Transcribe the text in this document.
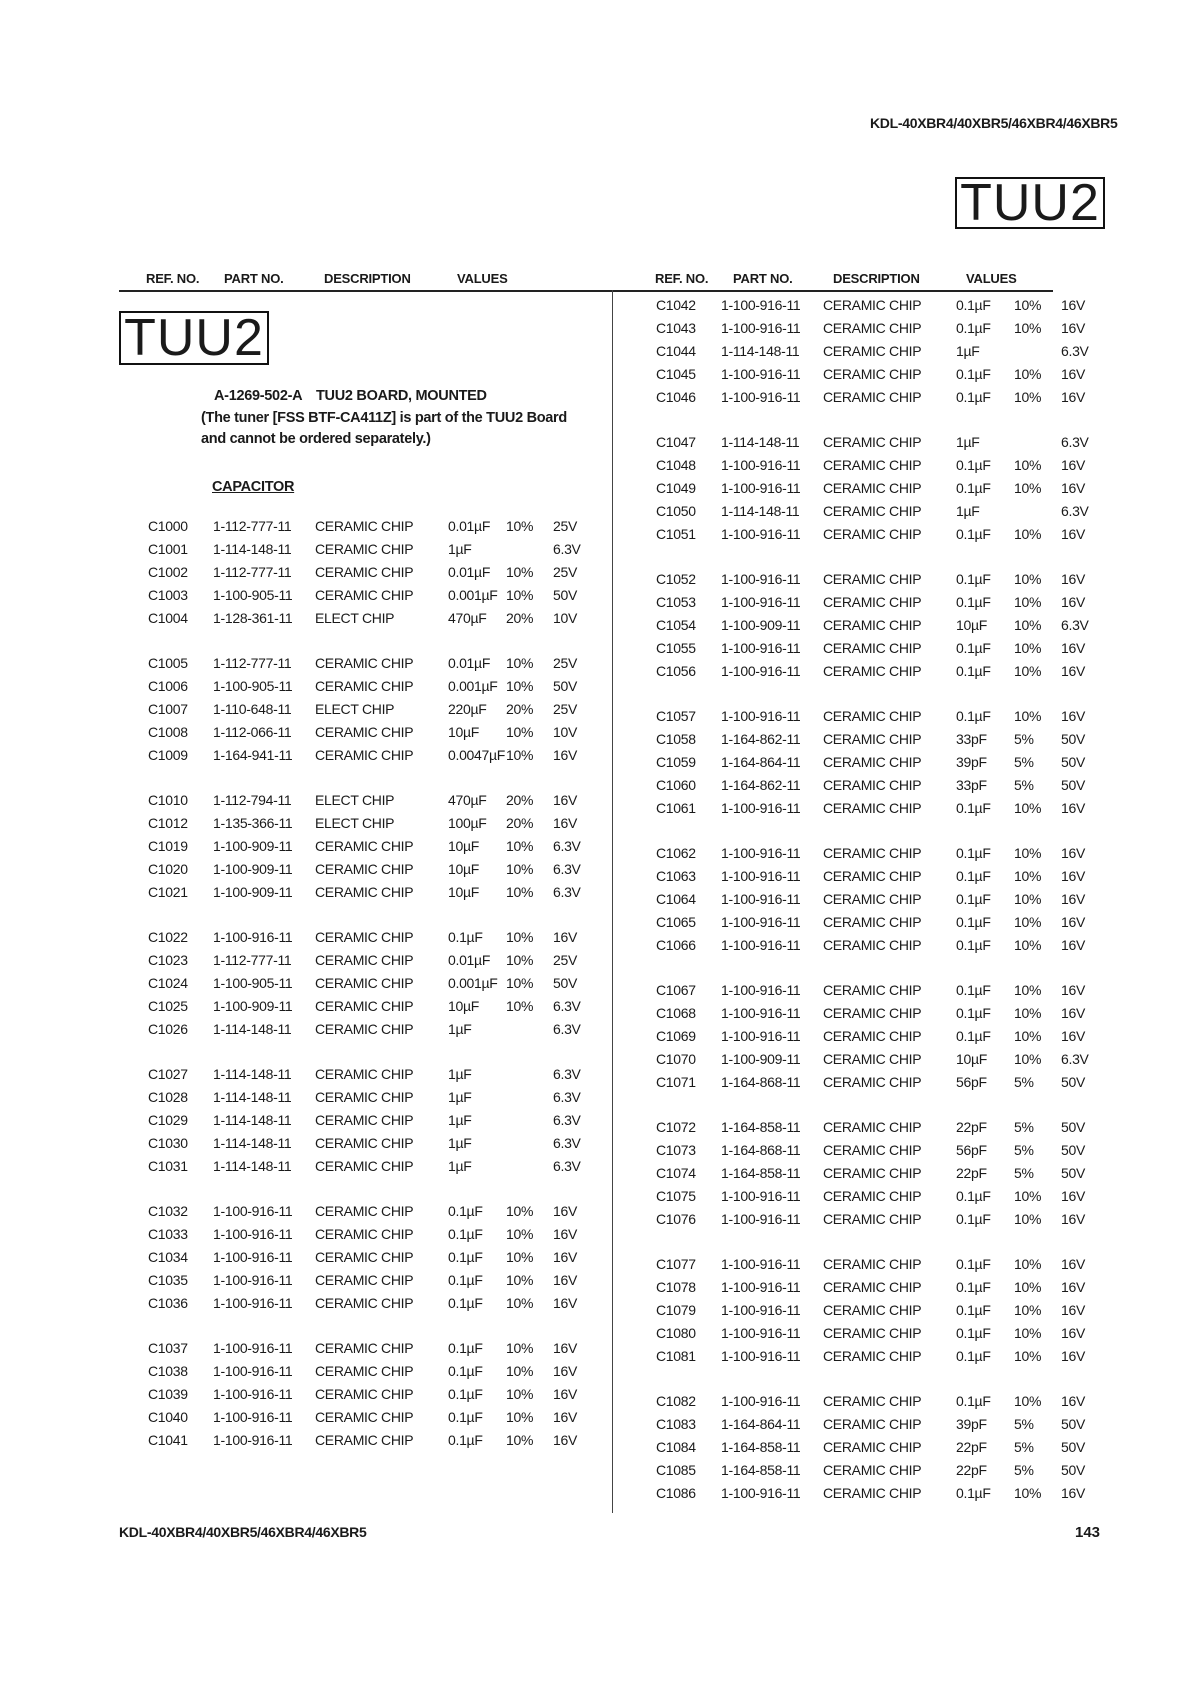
KDL-40XBR4/40XBR5/46XBR4/46XBR5
TUU2
REF. NO. PART NO.	DESCRIPTION	VALUES	REF. NO. PART NO.	DESCRIPTION	VALUES
TUU2
A-1269-502-A TUU2 BOARD, MOUNTED
(The tuner [FSS BTF-CA411Z] is part of the TUU2 Board
and cannot be ordered separately.)
CAPACITOR
C1000 1-112-777-11 CERAMIC CHIP 0.01µF 10% 25V
C1001 1-114-148-11 CERAMIC CHIP 1µF	6.3V
C1002 1-112-777-11 CERAMIC CHIP 0.01µF 10% 25V
C1003 1-100-905-11 CERAMIC CHIP 0.001µF 10% 50V
C1004 1-128-361-11 ELECT CHIP	470µF 20% 10V
C1005 1-112-777-11 CERAMIC CHIP 0.01µF 10% 25V
C1006 1-100-905-11 CERAMIC CHIP 0.001µF 10% 50V
C1007 1-110-648-11 ELECT CHIP	220µF 20% 25V
C1008 1-112-066-11 CERAMIC CHIP 10µF 10% 10V
C1009 1-164-941-11 CERAMIC CHIP 0.0047µF 10% 16V
C1010 1-112-794-11 ELECT CHIP	470µF 20% 16V
C1012 1-135-366-11 ELECT CHIP	100µF 20% 16V
C1019 1-100-909-11 CERAMIC CHIP 10µF 10% 6.3V
C1020 1-100-909-11 CERAMIC CHIP 10µF 10% 6.3V
C1021 1-100-909-11 CERAMIC CHIP 10µF 10% 6.3V
C1022 1-100-916-11 CERAMIC CHIP 0.1µF 10% 16V
C1023 1-112-777-11 CERAMIC CHIP 0.01µF 10% 25V
C1024 1-100-905-11 CERAMIC CHIP 0.001µF 10% 50V
C1025 1-100-909-11 CERAMIC CHIP 10µF 10% 6.3V
C1026 1-114-148-11 CERAMIC CHIP 1µF	6.3V
C1027 1-114-148-11 CERAMIC CHIP 1µF	6.3V
C1028 1-114-148-11 CERAMIC CHIP 1µF	6.3V
C1029 1-114-148-11 CERAMIC CHIP 1µF	6.3V
C1030 1-114-148-11 CERAMIC CHIP 1µF	6.3V
C1031 1-114-148-11 CERAMIC CHIP 1µF	6.3V
C1032 1-100-916-11 CERAMIC CHIP 0.1µF 10% 16V
C1033 1-100-916-11 CERAMIC CHIP 0.1µF 10% 16V
C1034 1-100-916-11 CERAMIC CHIP 0.1µF 10% 16V
C1035 1-100-916-11 CERAMIC CHIP 0.1µF 10% 16V
C1036 1-100-916-11 CERAMIC CHIP 0.1µF 10% 16V
C1037 1-100-916-11 CERAMIC CHIP 0.1µF 10% 16V
C1038 1-100-916-11 CERAMIC CHIP 0.1µF 10% 16V
C1039 1-100-916-11 CERAMIC CHIP 0.1µF 10% 16V
C1040 1-100-916-11 CERAMIC CHIP 0.1µF 10% 16V
C1041 1-100-916-11 CERAMIC CHIP 0.1µF 10% 16V
C1042 1-100-916-11 CERAMIC CHIP 0.1µF 10% 16V
C1043 1-100-916-11 CERAMIC CHIP 0.1µF 10% 16V
C1044 1-114-148-11 CERAMIC CHIP 1µF	6.3V
C1045 1-100-916-11 CERAMIC CHIP 0.1µF 10% 16V
C1046 1-100-916-11 CERAMIC CHIP 0.1µF 10% 16V
C1047 1-114-148-11 CERAMIC CHIP 1µF	6.3V
C1048 1-100-916-11 CERAMIC CHIP 0.1µF 10% 16V
C1049 1-100-916-11 CERAMIC CHIP 0.1µF 10% 16V
C1050 1-114-148-11 CERAMIC CHIP 1µF	6.3V
C1051 1-100-916-11 CERAMIC CHIP 0.1µF 10% 16V
C1052 1-100-916-11 CERAMIC CHIP 0.1µF 10% 16V
C1053 1-100-916-11 CERAMIC CHIP 0.1µF 10% 16V
C1054 1-100-909-11 CERAMIC CHIP 10µF 10% 6.3V
C1055 1-100-916-11 CERAMIC CHIP 0.1µF 10% 16V
C1056 1-100-916-11 CERAMIC CHIP 0.1µF 10% 16V
C1057 1-100-916-11 CERAMIC CHIP 0.1µF 10% 16V
C1058 1-164-862-11 CERAMIC CHIP 33pF 5% 50V
C1059 1-164-864-11 CERAMIC CHIP 39pF 5% 50V
C1060 1-164-862-11 CERAMIC CHIP 33pF 5% 50V
C1061 1-100-916-11 CERAMIC CHIP 0.1µF 10% 16V
C1062 1-100-916-11 CERAMIC CHIP 0.1µF 10% 16V
C1063 1-100-916-11 CERAMIC CHIP 0.1µF 10% 16V
C1064 1-100-916-11 CERAMIC CHIP 0.1µF 10% 16V
C1065 1-100-916-11 CERAMIC CHIP 0.1µF 10% 16V
C1066 1-100-916-11 CERAMIC CHIP 0.1µF 10% 16V
C1067 1-100-916-11 CERAMIC CHIP 0.1µF 10% 16V
C1068 1-100-916-11 CERAMIC CHIP 0.1µF 10% 16V
C1069 1-100-916-11 CERAMIC CHIP 0.1µF 10% 16V
C1070 1-100-909-11 CERAMIC CHIP 10µF 10% 6.3V
C1071 1-164-868-11 CERAMIC CHIP 56pF 5% 50V
C1072 1-164-858-11 CERAMIC CHIP 22pF 5% 50V
C1073 1-164-868-11 CERAMIC CHIP 56pF 5% 50V
C1074 1-164-858-11 CERAMIC CHIP 22pF 5% 50V
C1075 1-100-916-11 CERAMIC CHIP 0.1µF 10% 16V
C1076 1-100-916-11 CERAMIC CHIP 0.1µF 10% 16V
C1077 1-100-916-11 CERAMIC CHIP 0.1µF 10% 16V
C1078 1-100-916-11 CERAMIC CHIP 0.1µF 10% 16V
C1079 1-100-916-11 CERAMIC CHIP 0.1µF 10% 16V
C1080 1-100-916-11 CERAMIC CHIP 0.1µF 10% 16V
C1081 1-100-916-11 CERAMIC CHIP 0.1µF 10% 16V
C1082 1-100-916-11 CERAMIC CHIP 0.1µF 10% 16V
C1083 1-164-864-11 CERAMIC CHIP 39pF 5% 50V
C1084 1-164-858-11 CERAMIC CHIP 22pF 5% 50V
C1085 1-164-858-11 CERAMIC CHIP 22pF 5% 50V
C1086 1-100-916-11 CERAMIC CHIP 0.1µF 10% 16V
KDL-40XBR4/40XBR5/46XBR4/46XBR5	143
